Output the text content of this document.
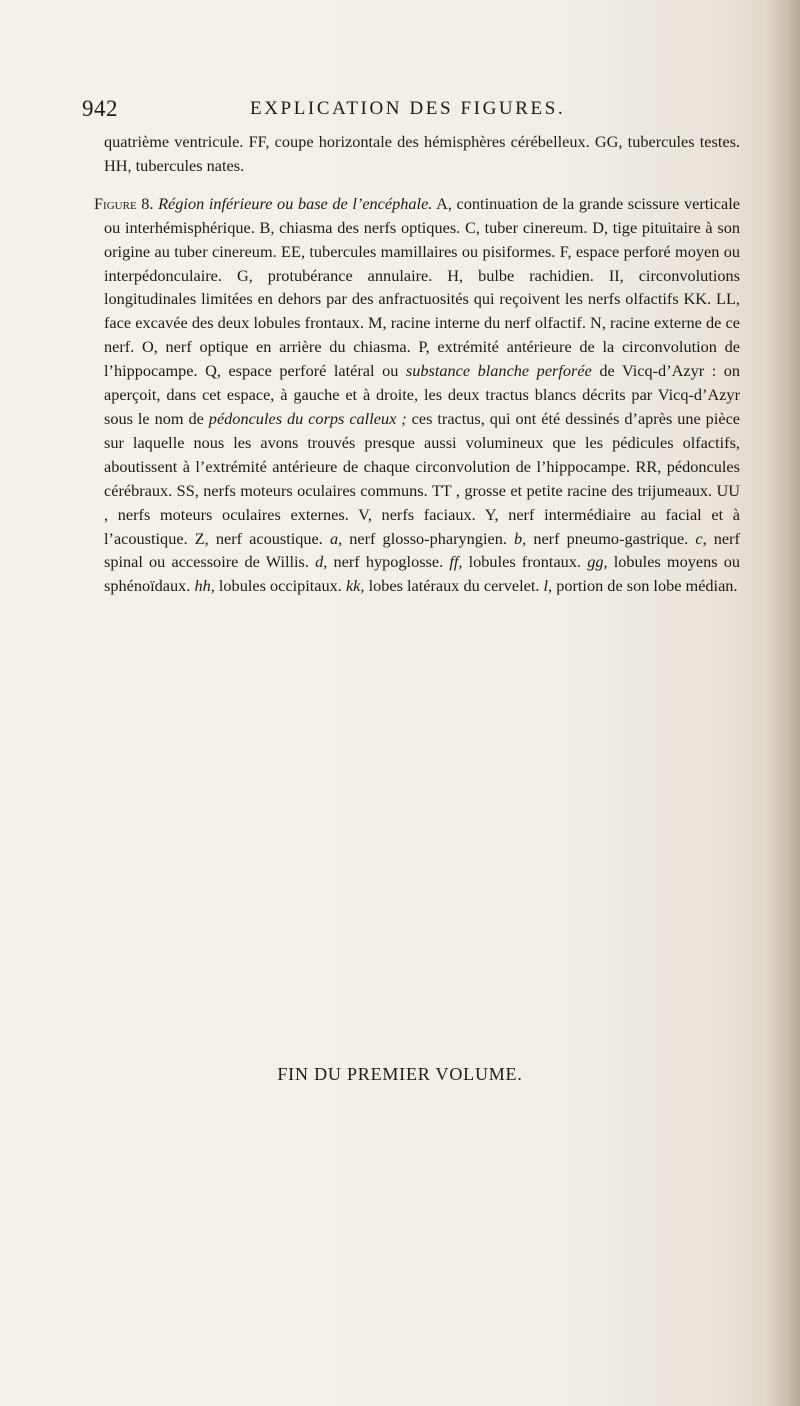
942	EXPLICATION DES FIGURES.

quatrième ventricule. FF, coupe horizontale des hémisphères cérébelleux. GG, tubercules testes. HH, tubercules nates.

Figure 8. Région inférieure ou base de l’encéphale. A, continuation de la grande scissure verticale ou interhémisphérique. B, chiasma des nerfs optiques. C, tuber cinereum. D, tige pituitaire à son origine au tuber cinereum. EE, tubercules mamillaires ou pisiformes. F, espace perforé moyen ou interpédonculaire. G, protubérance annulaire. H, bulbe rachidien. II, circonvolutions longitudinales limitées en dehors par des anfractuosités qui reçoivent les nerfs olfactifs KK. LL, face excavée des deux lobules frontaux. M, racine interne du nerf olfactif. N, racine externe de ce nerf. O, nerf optique en arrière du chiasma. P, extrémité antérieure de la circonvolution de l’hippocampe. Q, espace perforé latéral ou substance blanche perforée de Vicq-d’Azyr : on aperçoit, dans cet espace, à gauche et à droite, les deux tractus blancs décrits par Vicq-d’Azyr sous le nom de pédoncules du corps calleux ; ces tractus, qui ont été dessinés d’après une pièce sur laquelle nous les avons trouvés presque aussi volumineux que les pédicules olfactifs, aboutissent à l’extrémité antérieure de chaque circonvolution de l’hippocampe. RR, pédoncules cérébraux. SS, nerfs moteurs oculaires communs. TT , grosse et petite racine des trijumeaux. UU , nerfs moteurs oculaires externes. V, nerfs faciaux. Y, nerf intermédiaire au facial et à l’acoustique. Z, nerf acoustique. a, nerf glosso-pharyngien. b, nerf pneumo-gastrique. c, nerf spinal ou accessoire de Willis. d, nerf hypoglosse. ff, lobules frontaux. gg, lobules moyens ou sphénoïdaux. hh, lobules occipitaux. kk, lobes latéraux du cervelet. l, portion de son lobe médian.

FIN DU PREMIER VOLUME.
